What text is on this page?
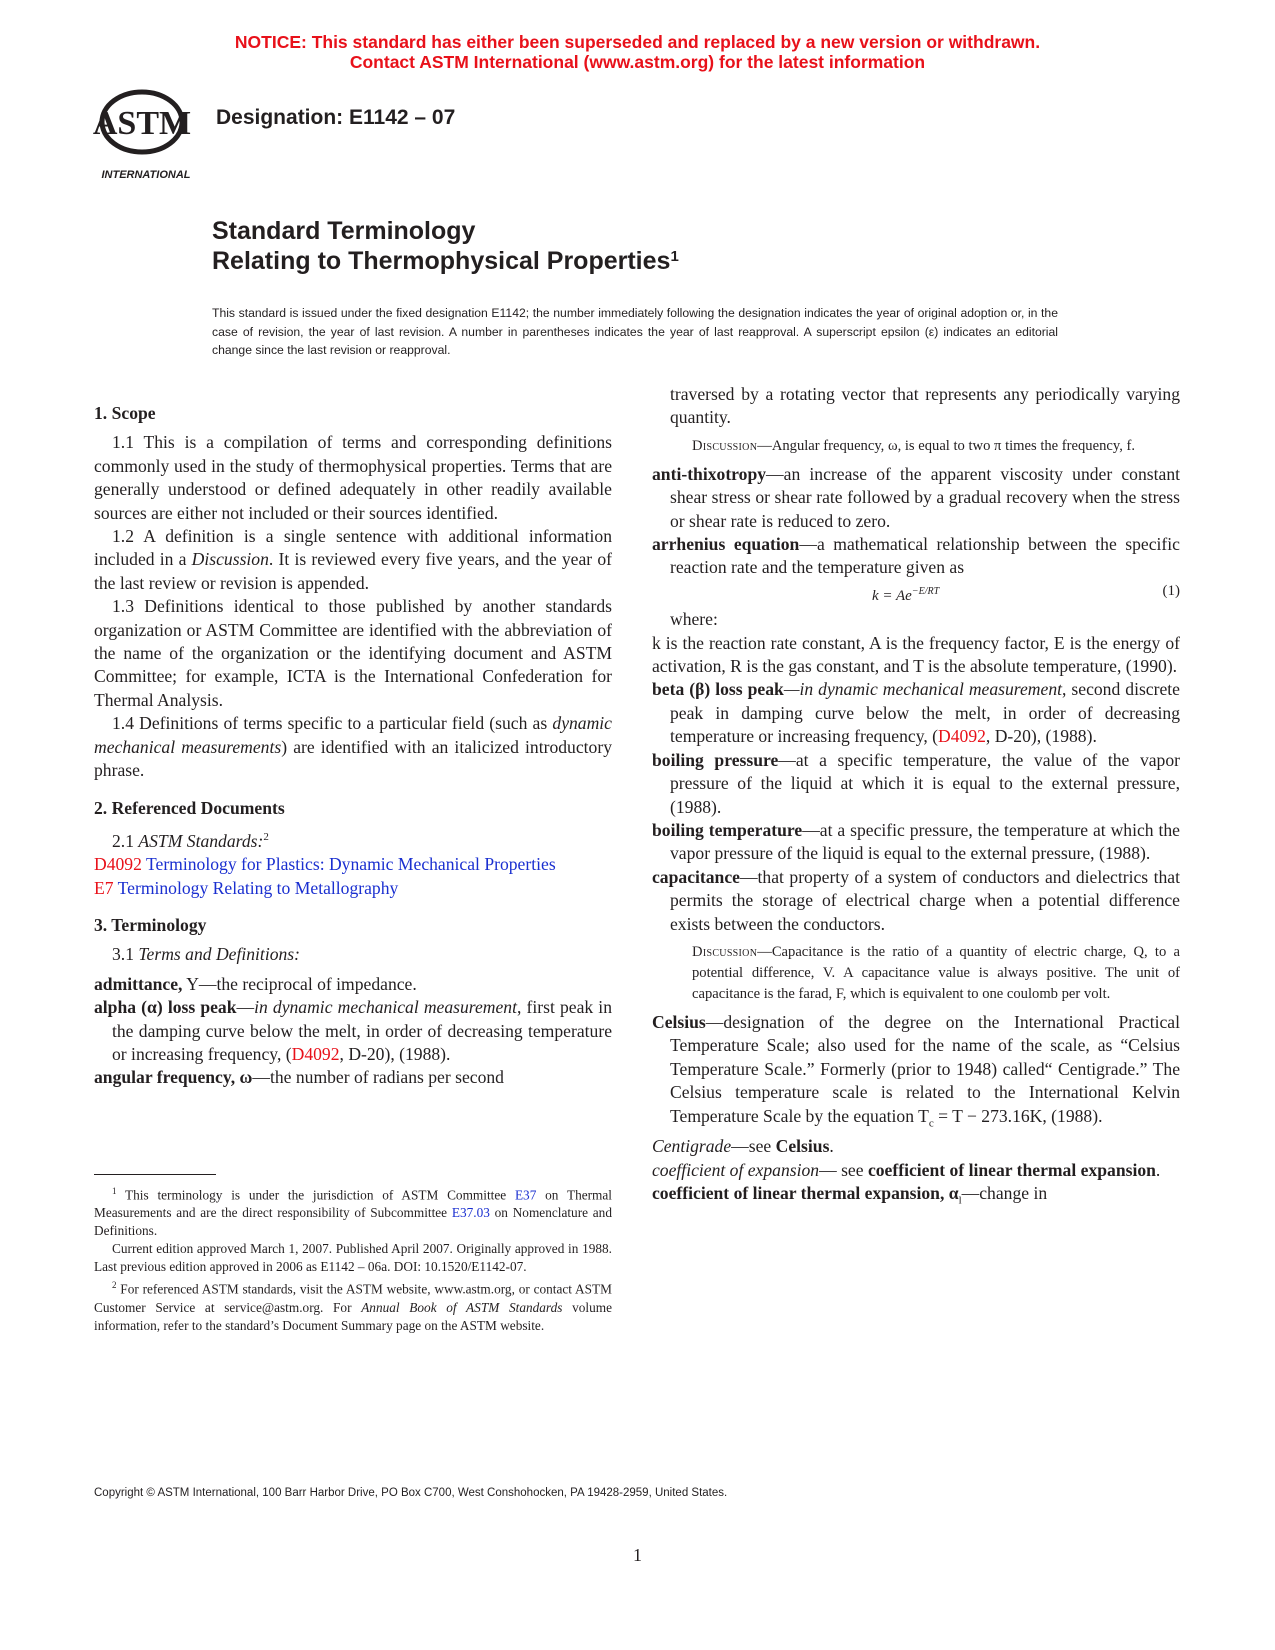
NOTICE: This standard has either been superseded and replaced by a new version or withdrawn.
Contact ASTM International (www.astm.org) for the latest information
ASTM
INTERNATIONAL
Designation: E1142 – 07
Standard Terminology
Relating to Thermophysical Properties$^1$
This standard is issued under the fixed designation E1142; the number immediately following the designation indicates the year of original adoption or, in the case of revision, the year of last revision. A number in parentheses indicates the year of last reapproval. A superscript epsilon (ε) indicates an editorial change since the last revision or reapproval.

1. Scope

1.1 This is a compilation of terms and corresponding definitions commonly used in the study of thermophysical properties. Terms that are generally understood or defined adequately in other readily available sources are either not included or their sources identified.

1.2 A definition is a single sentence with additional information included in a Discussion. It is reviewed every five years, and the year of the last review or revision is appended.

1.3 Definitions identical to those published by another standards organization or ASTM Committee are identified with the abbreviation of the name of the organization or the identifying document and ASTM Committee; for example, ICTA is the International Confederation for Thermal Analysis.

1.4 Definitions of terms specific to a particular field (such as dynamic mechanical measurements) are identified with an italicized introductory phrase.

2. Referenced Documents

2.1 ASTM Standards:$^2$

D4092 Terminology for Plastics: Dynamic Mechanical Properties

E7 Terminology Relating to Metallography

3. Terminology

3.1 Terms and Definitions:

admittance, Y—the reciprocal of impedance.

alpha (α) loss peak—in dynamic mechanical measurement, first peak in the damping curve below the melt, in order of decreasing temperature or increasing frequency, (D4092, D-20), (1988).

angular frequency, ω—the number of radians per second

$^1$ This terminology is under the jurisdiction of ASTM Committee E37 on Thermal Measurements and are the direct responsibility of Subcommittee E37.03 on Nomenclature and Definitions.

Current edition approved March 1, 2007. Published April 2007. Originally approved in 1988. Last previous edition approved in 2006 as E1142 – 06a. DOI: 10.1520/E1142-07.

$^2$ For referenced ASTM standards, visit the ASTM website, www.astm.org, or contact ASTM Customer Service at service@astm.org. For Annual Book of ASTM Standards volume information, refer to the standard’s Document Summary page on the ASTM website.

traversed by a rotating vector that represents any periodically varying quantity.

Discussion—Angular frequency, ω, is equal to two π times the frequency, f.

anti-thixotropy—an increase of the apparent viscosity under constant shear stress or shear rate followed by a gradual recovery when the stress or shear rate is reduced to zero.

arrhenius equation—a mathematical relationship between the specific reaction rate and the temperature given as

$k = Ae^{-E/RT}$	(1)

where:

k is the reaction rate constant, A is the frequency factor, E is the energy of activation, R is the gas constant, and T is the absolute temperature, (1990).

beta (β) loss peak—in dynamic mechanical measurement, second discrete peak in damping curve below the melt, in order of decreasing temperature or increasing frequency, (D4092, D-20), (1988).

boiling pressure—at a specific temperature, the value of the vapor pressure of the liquid at which it is equal to the external pressure, (1988).

boiling temperature—at a specific pressure, the temperature at which the vapor pressure of the liquid is equal to the external pressure, (1988).

capacitance—that property of a system of conductors and dielectrics that permits the storage of electrical charge when a potential difference exists between the conductors.

Discussion—Capacitance is the ratio of a quantity of electric charge, Q, to a potential difference, V. A capacitance value is always positive. The unit of capacitance is the farad, F, which is equivalent to one coulomb per volt.

Celsius—designation of the degree on the International Practical Temperature Scale; also used for the name of the scale, as “Celsius Temperature Scale.” Formerly (prior to 1948) called“ Centigrade.” The Celsius temperature scale is related to the International Kelvin Temperature Scale by the equation $T_c = T - 273.16K$, (1988).

Centigrade—see Celsius.

coefficient of expansion— see coefficient of linear thermal expansion.

coefficient of linear thermal expansion, $\alpha_l—change$ in

Copyright © ASTM International, 100 Barr Harbor Drive, PO Box C700, West Conshohocken, PA 19428-2959, United States.
1
